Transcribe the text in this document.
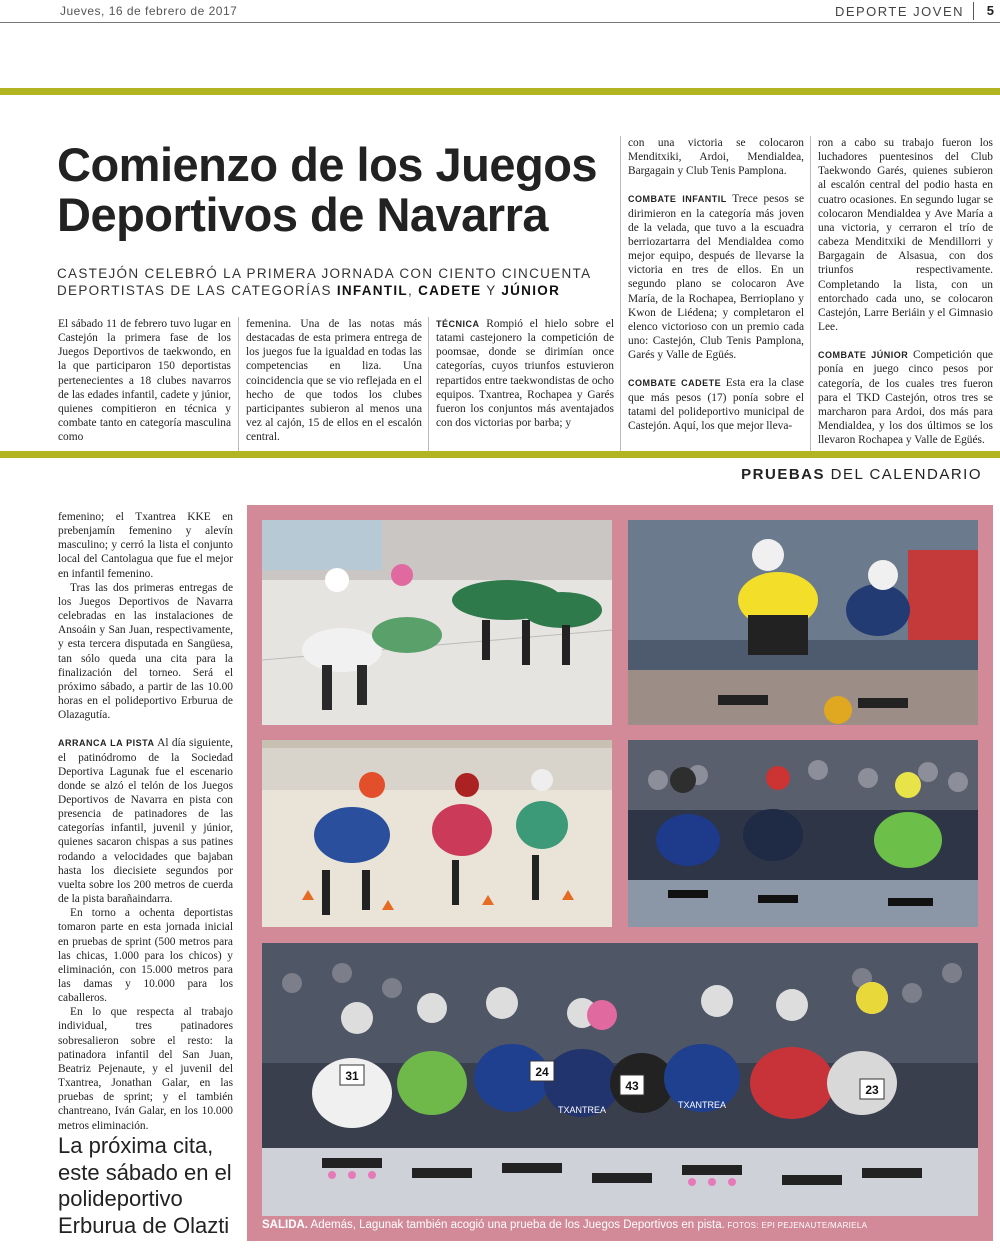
Jueves, 16 de febrero de 2017	DEPORTE JOVEN 5
Comienzo de los Juegos Deportivos de Navarra
CASTEJÓN CELEBRÓ LA PRIMERA JORNADA CON CIENTO CINCUENTA DEPORTISTAS DE LAS CATEGORÍAS INFANTIL, CADETE Y JÚNIOR

El sábado 11 de febrero tuvo lugar en Castejón la primera fase de los Juegos Deportivos de taekwondo, en la que participaron 150 deportistas pertenecientes a 18 clubes navarros de las edades infantil, cadete y júnior, quienes compitieron en técnica y combate tanto en categoría masculina como

femenina. Una de las notas más destacadas de esta primera entrega de los juegos fue la igualdad en todas las competencias en liza. Una coincidencia que se vio reflejada en el hecho de que todos los clubes participantes subieron al menos una vez al cajón, 15 de ellos en el escalón central.

TÉCNICA Rompió el hielo sobre el tatami castejonero la competición de poomsae, donde se dirimían once categorías, cuyos triunfos estuvieron repartidos entre taekwondistas de ocho equipos. Txantrea, Rochapea y Garés fueron los conjuntos más aventajados con dos victorias por barba; y

con una victoria se colocaron Menditxiki, Ardoi, Mendialdea, Bargagain y Club Tenis Pamplona.

COMBATE INFANTIL Trece pesos se dirimieron en la categoría más joven de la velada, que tuvo a la escuadra berriozartarra del Mendialdea como mejor equipo, después de llevarse la victoria en tres de ellos. En un segundo plano se colocaron Ave María, de la Rochapea, Berrioplano y Kwon de Liédena; y completaron el elenco victorioso con un premio cada uno: Castejón, Club Tenis Pamplona, Garés y Valle de Egüés.

COMBATE CADETE Esta era la clase que más pesos (17) ponía sobre el tatami del polideportivo municipal de Castejón. Aquí, los que mejor lleva-

ron a cabo su trabajo fueron los luchadores puentesinos del Club Taekwondo Garés, quienes subieron al escalón central del podio hasta en cuatro ocasiones. En segundo lugar se colocaron Mendialdea y Ave María a una victoria, y cerraron el trío de cabeza Menditxiki de Mendillorri y Bargagain de Alsasua, con dos triunfos respectivamente. Completando la lista, con un entorchado cada uno, se colocaron Castejón, Larre Beriáin y el Gimnasio Lee.

COMBATE JÚNIOR Competición que ponía en juego cinco pesos por categoría, de los cuales tres fueron para el TKD Castejón, otros tres se marcharon para Ardoi, dos más para Mendialdea, y los dos últimos se los llevaron Rochapea y Valle de Egüés.

PRUEBAS DEL CALENDARIO

femenino; el Txantrea KKE en prebenjamín femenino y alevín masculino; y cerró la lista el conjunto local del Cantolagua que fue el mejor en infantil femenino.

Tras las dos primeras entregas de los Juegos Deportivos de Navarra celebradas en las instalaciones de Ansoáin y San Juan, respectivamente, y esta tercera disputada en Sangüesa, tan sólo queda una cita para la finalización del torneo. Será el próximo sábado, a partir de las 10.00 horas en el polideportivo Erburua de Olazagutía.

ARRANCA LA PISTA Al día siguiente, el patinódromo de la Sociedad Deportiva Lagunak fue el escenario donde se alzó el telón de los Juegos Deportivos de Navarra en pista con presencia de patinadores de las categorías infantil, juvenil y júnior, quienes sacaron chispas a sus patines rodando a velocidades que bajaban hasta los diecisiete segundos por vuelta sobre los 200 metros de cuerda de la pista barañaindarra.

En torno a ochenta deportistas tomaron parte en esta jornada inicial en pruebas de sprint (500 metros para las chicas, 1.000 para los chicos) y eliminación, con 15.000 metros para las damas y 10.000 para los caballeros.

En lo que respecta al trabajo individual, tres patinadores sobresalieron sobre el resto: la patinadora infantil del San Juan, Beatriz Pejenaute, y el juvenil del Txantrea, Jonathan Galar, en las pruebas de sprint; y el también chantreano, Iván Galar, en los 10.000 metros eliminación.

La próxima cita, este sábado en el polideportivo Erburua de Olazti
31	24
43	23
TXANTREA	TXANTREA
SALIDA. Además, Lagunak también acogió una prueba de los Juegos Deportivos en pista. FOTOS: EPI PEJENAUTE/MARIELA
